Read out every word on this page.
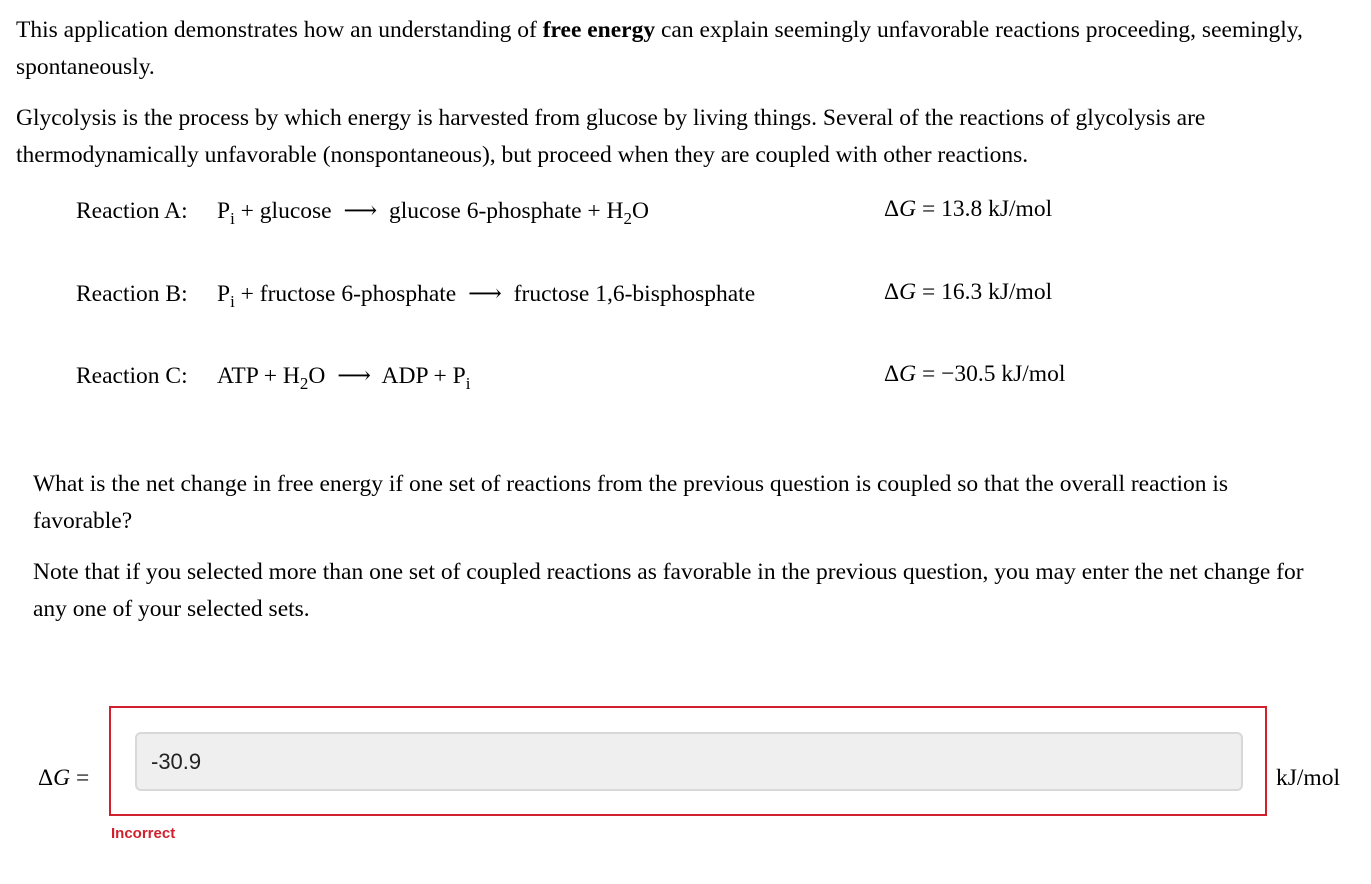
This application demonstrates how an understanding of free energy can explain seemingly unfavorable reactions proceeding, seemingly, spontaneously.

Glycolysis is the process by which energy is harvested from glucose by living things. Several of the reactions of glycolysis are thermodynamically unfavorable (nonspontaneous), but proceed when they are coupled with other reactions.

Reaction A: $P_i + glucose$ ⟶ glucose 6-phosphate + $H_2O$	ΔG = 13.8 kJ/mol
Reaction B: $P_i$ + fructose 6-phosphate ⟶ fructose 1,6-bisphosphate	ΔG = 16.3 kJ/mol
Reaction C: ATP + $H_2O$ ⟶ ADP + $P_i$	ΔG = −30.5 kJ/mol

What is the net change in free energy if one set of reactions from the previous question is coupled so that the overall reaction is favorable?

Note that if you selected more than one set of coupled reactions as favorable in the previous question, you may enter the net change for any one of your selected sets.

ΔG =
-30.9	kJ/mol
Incorrect
